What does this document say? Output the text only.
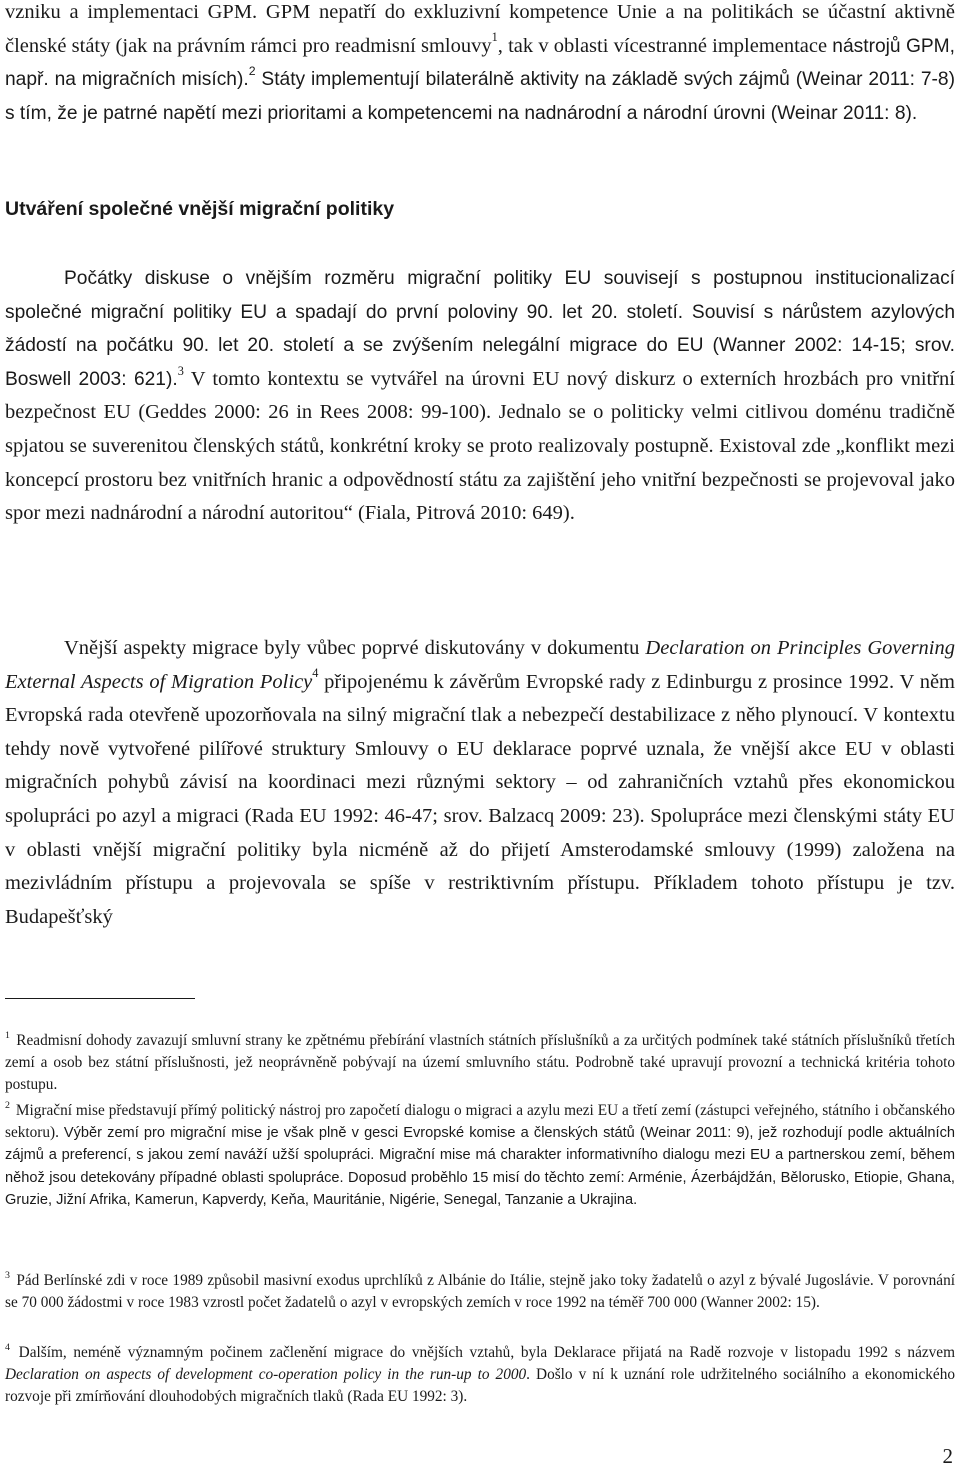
vzniku a implementaci GPM. GPM nepatří do exkluzivní kompetence Unie a na politikách se účastní aktivně členské státy (jak na právním rámci pro readmisní smlouvy$^1$, tak v oblasti vícestranné implementace nástrojů GPM, např. na migračních misích).$^2$ Státy implementují bilaterálně aktivity na základě svých zájmů (Weinar 2011: 7-8) s tím, že je patrné napětí mezi prioritami a kompetencemi na nadnárodní a národní úrovni (Weinar 2011: 8).

Utváření společné vnější migrační politiky

Počátky diskuse o vnějším rozměru migrační politiky EU souvisejí s postupnou institucionalizací společné migrační politiky EU a spadají do první poloviny 90. let 20. století. Souvisí s nárůstem azylových žádostí na počátku 90. let 20. století a se zvýšením nelegální migrace do EU (Wanner 2002: 14-15; srov. Boswell 2003: 621).$^3$ V tomto kontextu se vytvářel na úrovni EU nový diskurz o externích hrozbách pro vnitřní bezpečnost EU (Geddes 2000: 26 in Rees 2008: 99-100). Jednalo se o politicky velmi citlivou doménu tradičně spjatou se suverenitou členských států, konkrétní kroky se proto realizovaly postupně. Existoval zde „konflikt mezi koncepcí prostoru bez vnitřních hranic a odpovědností státu za zajištění jeho vnitřní bezpečnosti se projevoval jako spor mezi nadnárodní a národní autoritou“ (Fiala, Pitrová 2010: 649).

Vnější aspekty migrace byly vůbec poprvé diskutovány v dokumentu Declaration on Principles Governing External Aspects of Migration Policy$^4$ připojenému k závěrům Evropské rady z Edinburgu z prosince 1992. V něm Evropská rada otevřeně upozorňovala na silný migrační tlak a nebezpečí destabilizace z něho plynoucí. V kontextu tehdy nově vytvořené pilířové struktury Smlouvy o EU deklarace poprvé uznala, že vnější akce EU v oblasti migračních pohybů závisí na koordinaci mezi různými sektory – od zahraničních vztahů přes ekonomickou spolupráci po azyl a migraci (Rada EU 1992: 46-47; srov. Balzacq 2009: 23). Spolupráce mezi členskými státy EU v oblasti vnější migrační politiky byla nicméně až do přijetí Amsterodamské smlouvy (1999) založena na mezivládním přístupu a projevovala se spíše v restriktivním přístupu. Příkladem tohoto přístupu je tzv. Budapešťský

$^1$ Readmisní dohody zavazují smluvní strany ke zpětnému přebírání vlastních státních příslušníků a za určitých podmínek také státních příslušníků třetích zemí a osob bez státní příslušnosti, jež neoprávněně pobývají na území smluvního státu. Podrobně také upravují provozní a technická kritéria tohoto postupu.

$^2$ Migrační mise představují přímý politický nástroj pro započetí dialogu o migraci a azylu mezi EU a třetí zemí (zástupci veřejného, státního i občanského sektoru). Výběr zemí pro migrační mise je však plně v gesci Evropské komise a členských států (Weinar 2011: 9), jež rozhodují podle aktuálních zájmů a preferencí, s jakou zemí naváží užší spolupráci. Migrační mise má charakter informativního dialogu mezi EU a partnerskou zemí, během něhož jsou detekovány případné oblasti spolupráce. Doposud proběhlo 15 misí do těchto zemí: Arménie, Ázerbájdžán, Bělorusko, Etiopie, Ghana, Gruzie, Jižní Afrika, Kamerun, Kapverdy, Keňa, Mauritánie, Nigérie, Senegal, Tanzanie a Ukrajina.

$^3$ Pád Berlínské zdi v roce 1989 způsobil masivní exodus uprchlíků z Albánie do Itálie, stejně jako toky žadatelů o azyl z bývalé Jugoslávie. V porovnání se 70 000 žádostmi v roce 1983 vzrostl počet žadatelů o azyl v evropských zemích v roce 1992 na téměř 700 000 (Wanner 2002: 15).

$^4$ Dalším, neméně významným počinem začlenění migrace do vnějších vztahů, byla Deklarace přijatá na Radě rozvoje v listopadu 1992 s názvem Declaration on aspects of development co-operation policy in the run-up to 2000. Došlo v ní k uznání role udržitelného sociálního a ekonomického rozvoje při zmírňování dlouhodobých migračních tlaků (Rada EU 1992: 3).

2
